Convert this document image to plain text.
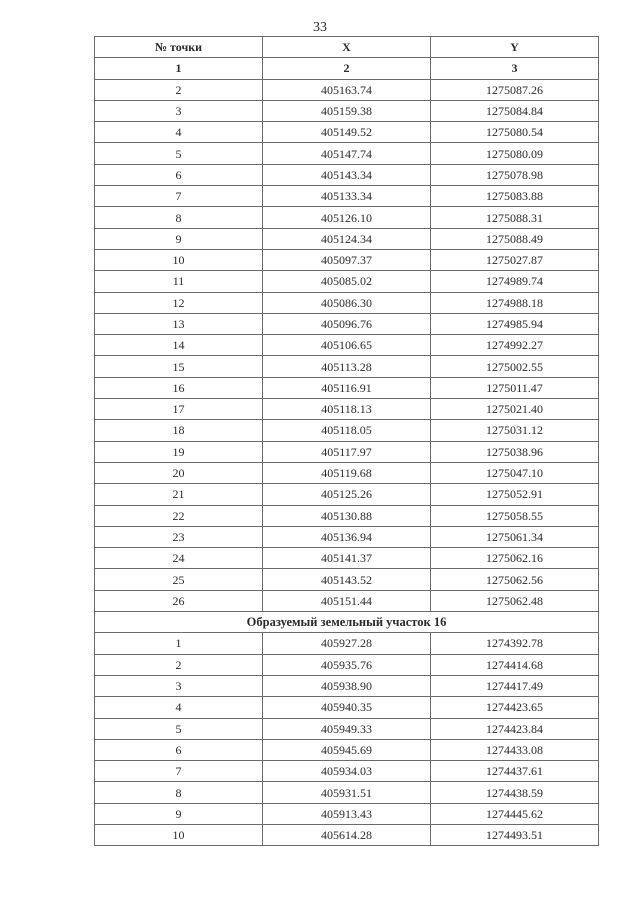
33
№ точки	X	Y
1	2	3
2	405163.74	1275087.26
3	405159.38	1275084.84
4	405149.52	1275080.54
5	405147.74	1275080.09
6	405143.34	1275078.98
7	405133.34	1275083.88
8	405126.10	1275088.31
9	405124.34	1275088.49
10	405097.37	1275027.87
11	405085.02	1274989.74
12	405086.30	1274988.18
13	405096.76	1274985.94
14	405106.65	1274992.27
15	405113.28	1275002.55
16	405116.91	1275011.47
17	405118.13	1275021.40
18	405118.05	1275031.12
19	405117.97	1275038.96
20	405119.68	1275047.10
21	405125.26	1275052.91
22	405130.88	1275058.55
23	405136.94	1275061.34
24	405141.37	1275062.16
25	405143.52	1275062.56
26	405151.44	1275062.48
Образуемый земельный участок 16		
1	405927.28	1274392.78
2	405935.76	1274414.68
3	405938.90	1274417.49
4	405940.35	1274423.65
5	405949.33	1274423.84
6	405945.69	1274433.08
7	405934.03	1274437.61
8	405931.51	1274438.59
9	405913.43	1274445.62
10	405614.28	1274493.51
